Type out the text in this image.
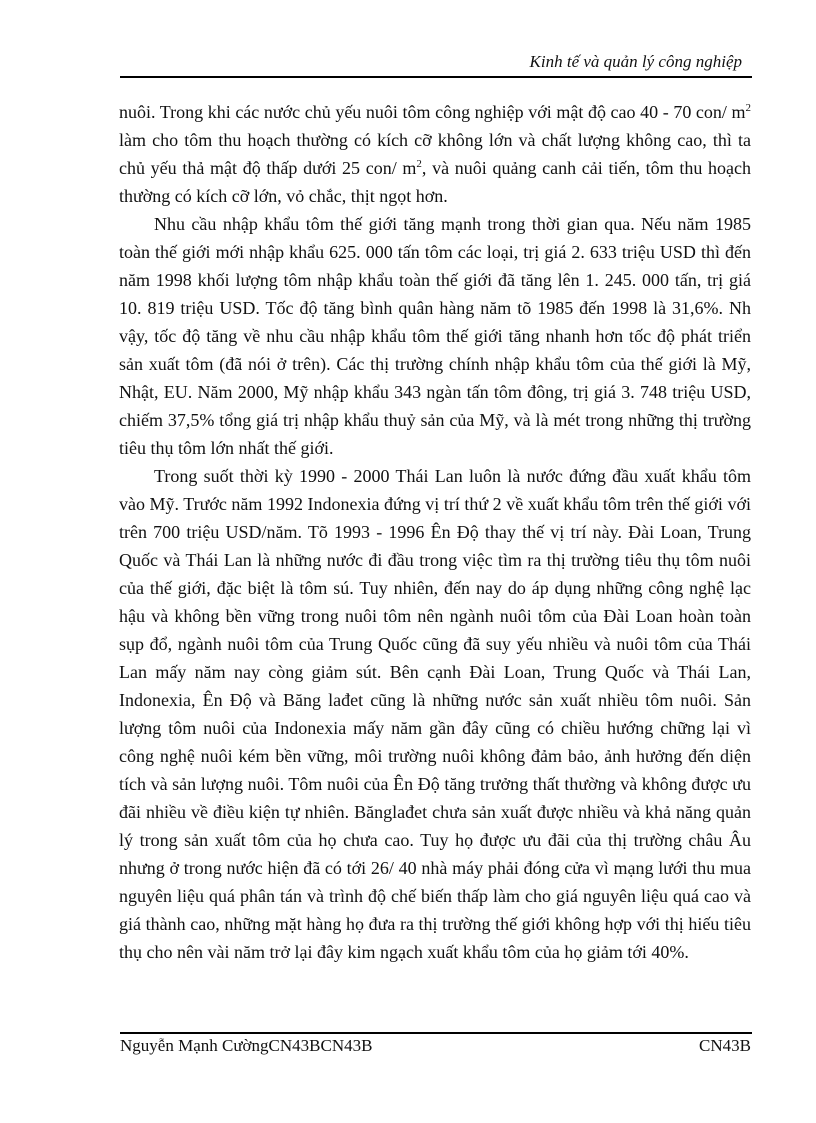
Kinh tế và quản lý công nghiệp

nuôi. Trong khi các nước chủ yếu nuôi tôm công nghiệp với mật độ cao 40 - 70 con/ $m^2$ làm cho tôm thu hoạch thường có kích cỡ không lớn và chất lượng không cao, thì ta chủ yếu thả mật độ thấp dưới 25 con/ $m^2$, và nuôi quảng canh cải tiến, tôm thu hoạch thường có kích cỡ lớn, vỏ chắc, thịt ngọt hơn.

Nhu cầu nhập khẩu tôm thế giới tăng mạnh trong thời gian qua. Nếu năm 1985 toàn thế giới mới nhập khẩu 625. 000 tấn tôm các loại, trị giá 2. 633 triệu USD thì đến năm 1998 khối lượng tôm nhập khẩu toàn thế giới đã tăng lên 1. 245. 000 tấn, trị giá 10. 819 triệu USD. Tốc độ tăng bình quân hàng năm tõ 1985 đến 1998 là 31,6%. Nh vậy, tốc độ tăng về nhu cầu nhập khẩu tôm thế giới tăng nhanh hơn tốc độ phát triển sản xuất tôm (đã nói ở trên). Các thị trường chính nhập khẩu tôm của thế giới là Mỹ, Nhật, EU. Năm 2000, Mỹ nhập khẩu 343 ngàn tấn tôm đông, trị giá 3. 748 triệu USD, chiếm 37,5% tổng giá trị nhập khẩu thuỷ sản của Mỹ, và là mét trong những thị trường tiêu thụ tôm lớn nhất thế giới.

Trong suốt thời kỳ 1990 - 2000 Thái Lan luôn là nước đứng đầu xuất khẩu tôm vào Mỹ. Trước năm 1992 Indonexia đứng vị trí thứ 2 về xuất khẩu tôm trên thế giới với trên 700 triệu USD/năm. Tõ 1993 - 1996 Ên Độ thay thế vị trí này. Đài Loan, Trung Quốc và Thái Lan là những nước đi đầu trong việc tìm ra thị trường tiêu thụ tôm nuôi của thế giới, đặc biệt là tôm sú. Tuy nhiên, đến nay do áp dụng những công nghệ lạc hậu và không bền vững trong nuôi tôm nên ngành nuôi tôm của Đài Loan hoàn toàn sụp đổ, ngành nuôi tôm của Trung Quốc cũng đã suy yếu nhiều và nuôi tôm của Thái Lan mấy năm nay còng giảm sút. Bên cạnh Đài Loan, Trung Quốc và Thái Lan, Indonexia, Ên Độ và Băng lađet cũng là những nước sản xuất nhiều tôm nuôi. Sản lượng tôm nuôi của Indonexia mấy năm gần đây cũng có chiều hướng chững lại vì công nghệ nuôi kém bền vững, môi trường nuôi không đảm bảo, ảnh hưởng đến diện tích và sản lượng nuôi. Tôm nuôi của Ên Độ tăng trưởng thất thường và không được ưu đãi nhiều về điều kiện tự nhiên. Bănglađet chưa sản xuất được nhiều và khả năng quản lý trong sản xuất tôm của họ chưa cao. Tuy họ được ưu đãi của thị trường châu Âu nhưng ở trong nước hiện đã có tới 26/ 40 nhà máy phải đóng cửa vì mạng lưới thu mua nguyên liệu quá phân tán và trình độ chế biến thấp làm cho giá nguyên liệu quá cao và giá thành cao, những mặt hàng họ đưa ra thị trường thế giới không hợp với thị hiếu tiêu thụ cho nên vài năm trở lại đây kim ngạch xuất khẩu tôm của họ giảm tới 40%.

Nguyễn Mạnh CườngCN43BCN43B	CN43B
